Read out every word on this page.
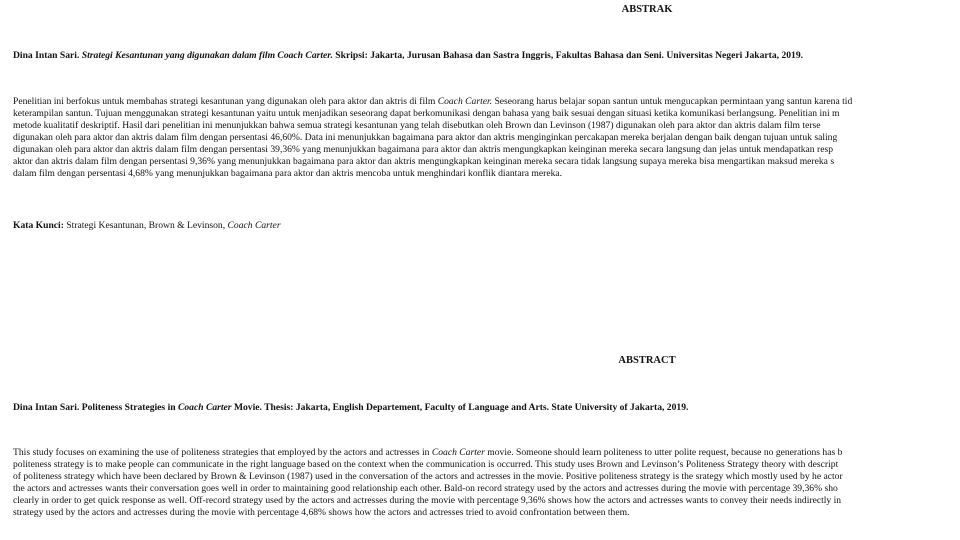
ABSTRAK
Dina Intan Sari. Strategi Kesantunan yang digunakan dalam film Coach Carter. Skripsi: Jakarta, Jurusan Bahasa dan Sastra Inggris, Fakultas Bahasa dan Seni. Universitas Negeri Jakarta, 2019.
Penelitian ini berfokus untuk membahas strategi kesantunan yang digunakan oleh para aktor dan aktris di film Coach Carter. Seseorang harus belajar sopan santun untuk mengucapkan permintaan yang santun karena tid
keterampilan santun. Tujuan menggunakan strategi kesantunan yaitu untuk menjadikan seseorang dapat berkomunikasi dengan bahasa yang baik sesuai dengan situasi ketika komunikasi berlangsung. Penelitian ini m
metode kualitatif deskriptif. Hasil dari penelitian ini menunjukkan bahwa semua strategi kesantunan yang telah disebutkan oleh Brown dan Levinson (1987) digunakan oleh para aktor dan aktris dalam film terse
digunakan oleh para aktor dan aktris dalam film dengan persentasi 46,60%. Data ini menunjukkan bagaimana para aktor dan aktris menginginkan percakapan mereka berjalan dengan baik dengan tujuan untuk saling
digunakan oleh para aktor dan aktris dalam film dengan persentasi 39,36% yang menunjukkan bagaimana para aktor dan aktris mengungkapkan keinginan mereka secara langsung dan jelas untuk mendapatkan resp
aktor dan aktris dalam film dengan persentasi 9,36% yang menunjukkan bagaimana para aktor dan aktris mengungkapkan keinginan mereka secara tidak langsung supaya mereka bisa mengartikan maksud mereka s
dalam film dengan persentasi 4,68% yang menunjukkan bagaimana para aktor dan aktris mencoba untuk menghindari konflik diantara mereka.
Kata Kunci: Strategi Kesantunan, Brown & Levinson, Coach Carter
ABSTRACT
Dina Intan Sari. Politeness Strategies in Coach Carter Movie. Thesis: Jakarta, English Departement, Faculty of Language and Arts. State University of Jakarta, 2019.
This study focuses on examining the use of politeness strategies that employed by the actors and actresses in Coach Carter movie. Someone should learn politeness to utter polite request, because no generations has b
politeness strategy is to make people can communicate in the right language based on the context when the communication is occurred. This study uses Brown and Levinson’s Politeness Strategy theory with descript
of politeness strategy which have been declared by Brown & Levinson (1987) used in the conversation of the actors and actresses in the movie. Positive politeness strategy is the srategy which mostly used by he actor
the actors and actresses wants their conversation goes well in order to maintaining good relationship each other. Bald-on record strategy used by the actors and actresses during the movie with percentage 39,36% sho
clearly in order to get quick response as well. Off-record strategy used by the actors and actresses during the movie with percentage 9,36% shows how the actors and actresses wants to convey their needs indirectly in
strategy used by the actors and actresses during the movie with percentage 4,68% shows how the actors and actresses tried to avoid confrontation between them.
